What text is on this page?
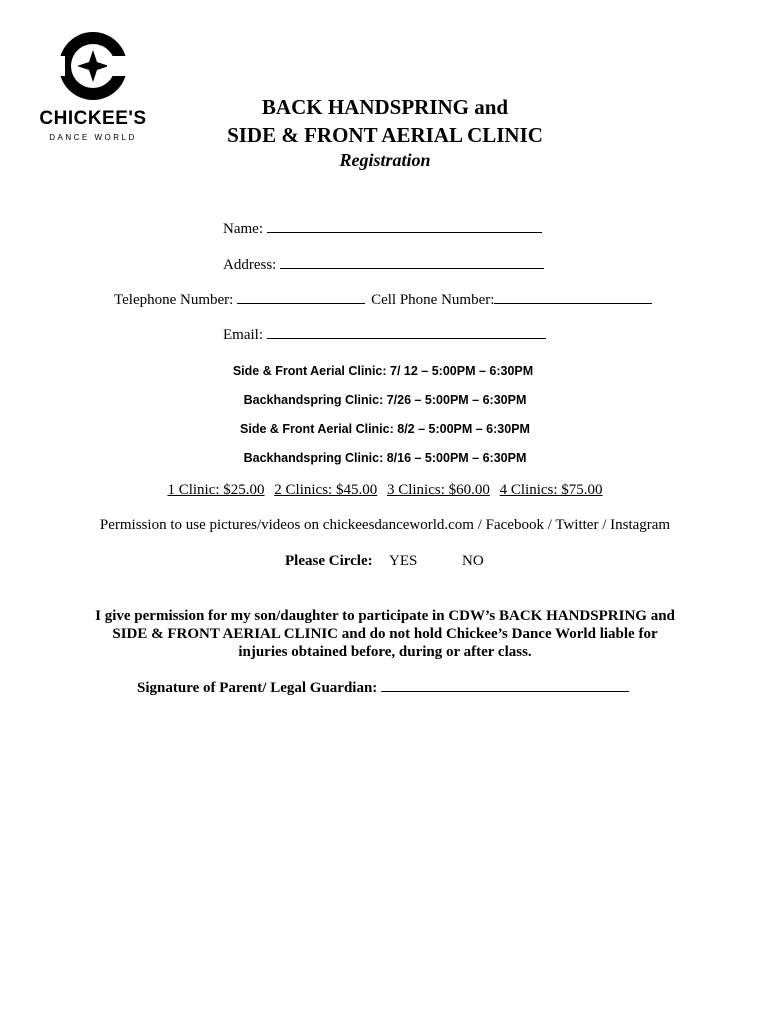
CHICKEE'S
DANCE WORLD
BACK HANDSPRING and
SIDE & FRONT AERIAL CLINIC
Registration
Name:
Address:
Telephone Number:	Cell Phone Number:
Email:
Side & Front Aerial Clinic: 7/ 12 – 5:00PM – 6:30PM
Backhandspring Clinic: 7/26 – 5:00PM – 6:30PM
Side & Front Aerial Clinic: 8/2 – 5:00PM – 6:30PM
Backhandspring Clinic: 8/16 – 5:00PM – 6:30PM
1 Clinic: $25.00 2 Clinics: $45.00 3 Clinics: $60.00 4 Clinics: $75.00
Permission to use pictures/videos on chickeesdanceworld.com / Facebook / Twitter / Instagram
Please Circle: YES	NO
I give permission for my son/daughter to participate in CDW’s BACK HANDSPRING and
SIDE & FRONT AERIAL CLINIC and do not hold Chickee’s Dance World liable for
injuries obtained before, during or after class.
Signature of Parent/ Legal Guardian:
